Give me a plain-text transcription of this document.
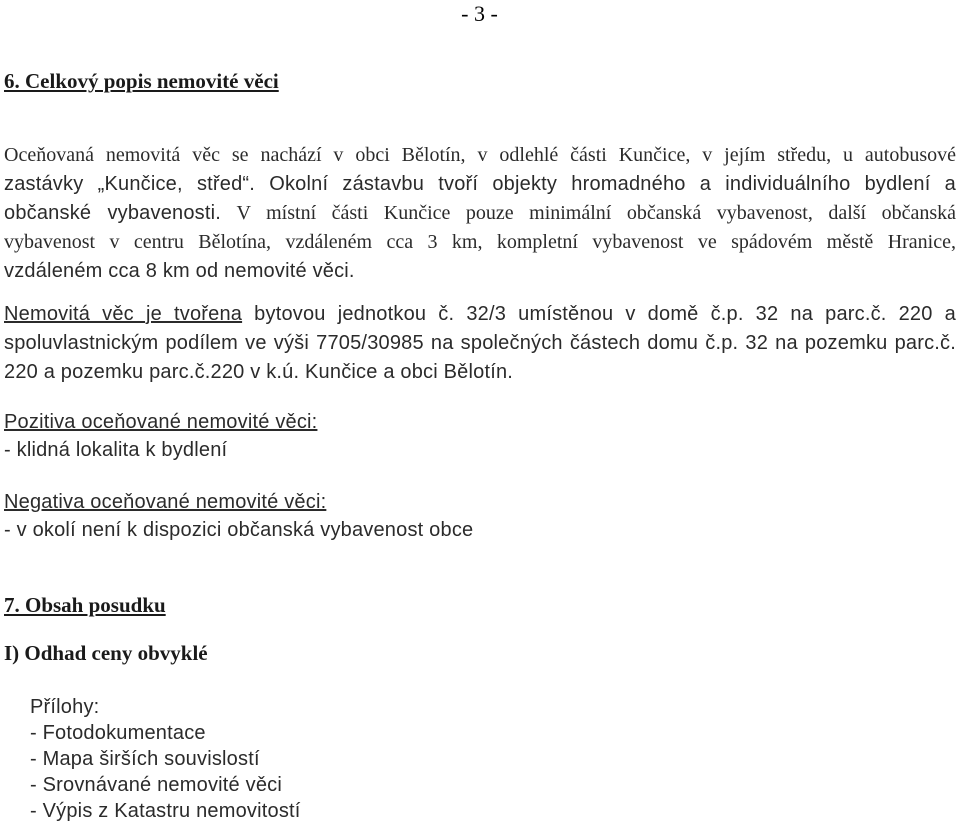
- 3 -
6. Celkový popis nemovité věci
Oceňovaná nemovitá věc se nachází v obci Bělotín, v odlehlé části Kunčice, v jejím středu, u autobusové
zastávky „Kunčice, střed“. Okolní zástavbu tvoří objekty hromadného a individuálního bydlení a
občanské vybavenosti. V místní části Kunčice pouze minimální občanská vybavenost, další občanská
vybavenost v centru Bělotína, vzdáleném cca 3 km, kompletní vybavenost ve spádovém městě Hranice,
vzdáleném cca 8 km od nemovité věci.
Nemovitá věc je tvořena bytovou jednotkou č. 32/3 umístěnou v domě č.p. 32 na parc.č. 220 a
spoluvlastnickým podílem ve výši 7705/30985 na společných částech domu č.p. 32 na pozemku parc.č.
220 a pozemku parc.č.220 v k.ú. Kunčice a obci Bělotín.
Pozitiva oceňované nemovité věci:
- klidná lokalita k bydlení
Negativa oceňované nemovité věci:
- v okolí není k dispozici občanská vybavenost obce
7. Obsah posudku
I) Odhad ceny obvyklé
Přílohy:
- Fotodokumentace
- Mapa širších souvislostí
- Srovnávané nemovité věci
- Výpis z Katastru nemovitostí
